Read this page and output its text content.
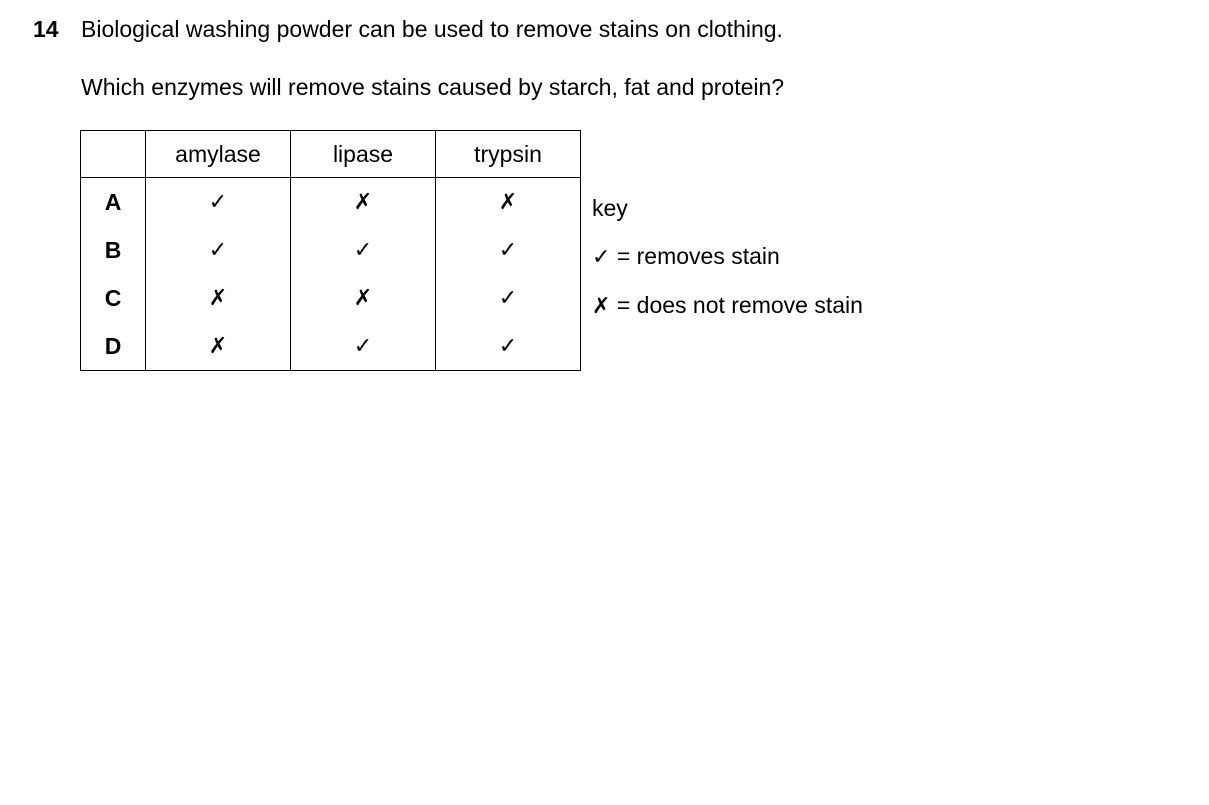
14 Biological washing powder can be used to remove stains on clothing.
Which enzymes will remove stains caused by starch, fat and protein?
	amylase	lipase	trypsin
A	✓	✗	✗
B	✓	✓	✓
C	✗	✗	✓
D	✗	✓	✓
key
✓ = removes stain
✗ = does not remove stain
